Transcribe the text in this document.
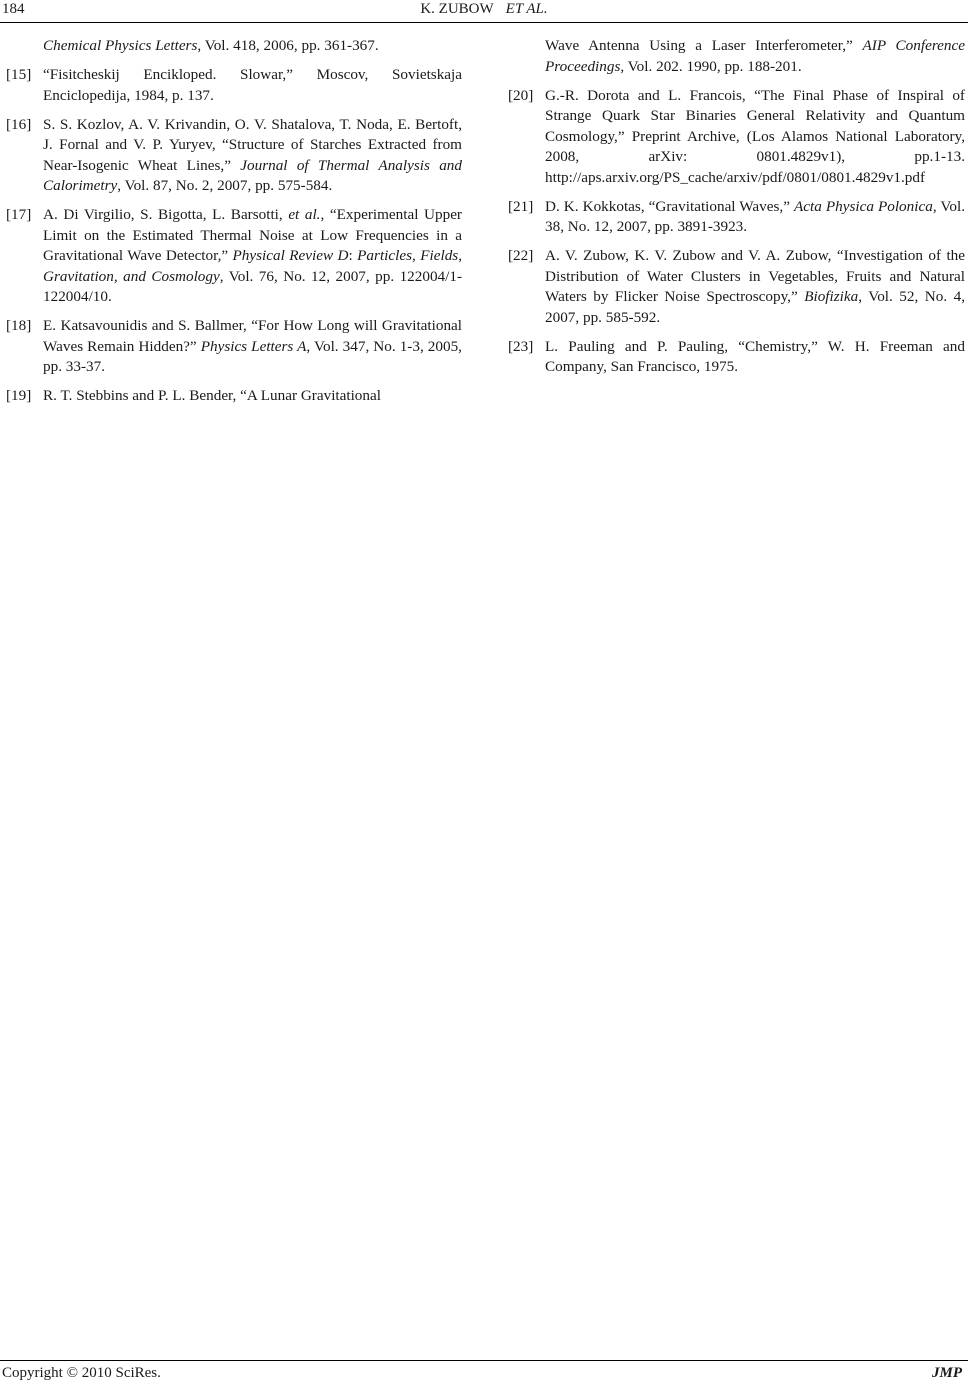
184	K. ZUBOW ET AL.
Chemical Physics Letters, Vol. 418, 2006, pp. 361-367.
[15] “Fisitcheskij Encikloped. Slowar,” Moscov, Sovietskaja Enciclopedija, 1984, p. 137.
[16] S. S. Kozlov, A. V. Krivandin, O. V. Shatalova, T. Noda, E. Bertoft, J. Fornal and V. P. Yuryev, “Structure of Starches Extracted from Near-Isogenic Wheat Lines,” Journal of Thermal Analysis and Calorimetry, Vol. 87, No. 2, 2007, pp. 575-584.
[17] A. Di Virgilio, S. Bigotta, L. Barsotti, et al., “Experimental Upper Limit on the Estimated Thermal Noise at Low Frequencies in a Gravitational Wave Detector,” Physical Review D: Particles, Fields, Gravitation, and Cosmology, Vol. 76, No. 12, 2007, pp. 122004/1-122004/10.
[18] E. Katsavounidis and S. Ballmer, “For How Long will Gravitational Waves Remain Hidden?” Physics Letters A, Vol. 347, No. 1-3, 2005, pp. 33-37.
[19] R. T. Stebbins and P. L. Bender, “A Lunar Gravitational
Wave Antenna Using a Laser Interferometer,” AIP Conference Proceedings, Vol. 202. 1990, pp. 188-201.
[20] G.-R. Dorota and L. Francois, “The Final Phase of Inspiral of Strange Quark Star Binaries General Relativity and Quantum Cosmology,” Preprint Archive, (Los Alamos National Laboratory, 2008, arXiv: 0801.4829v1), pp.1-13. http://aps.arxiv.org/PS_cache/arxiv/pdf/0801/0801.4829v1.pdf
[21] D. K. Kokkotas, “Gravitational Waves,” Acta Physica Polonica, Vol. 38, No. 12, 2007, pp. 3891-3923.
[22] A. V. Zubow, K. V. Zubow and V. A. Zubow, “Investigation of the Distribution of Water Clusters in Vegetables, Fruits and Natural Waters by Flicker Noise Spectroscopy,” Biofizika, Vol. 52, No. 4, 2007, pp. 585-592.
[23] L. Pauling and P. Pauling, “Chemistry,” W. H. Freeman and Company, San Francisco, 1975.
Copyright © 2010 SciRes.	JMP
